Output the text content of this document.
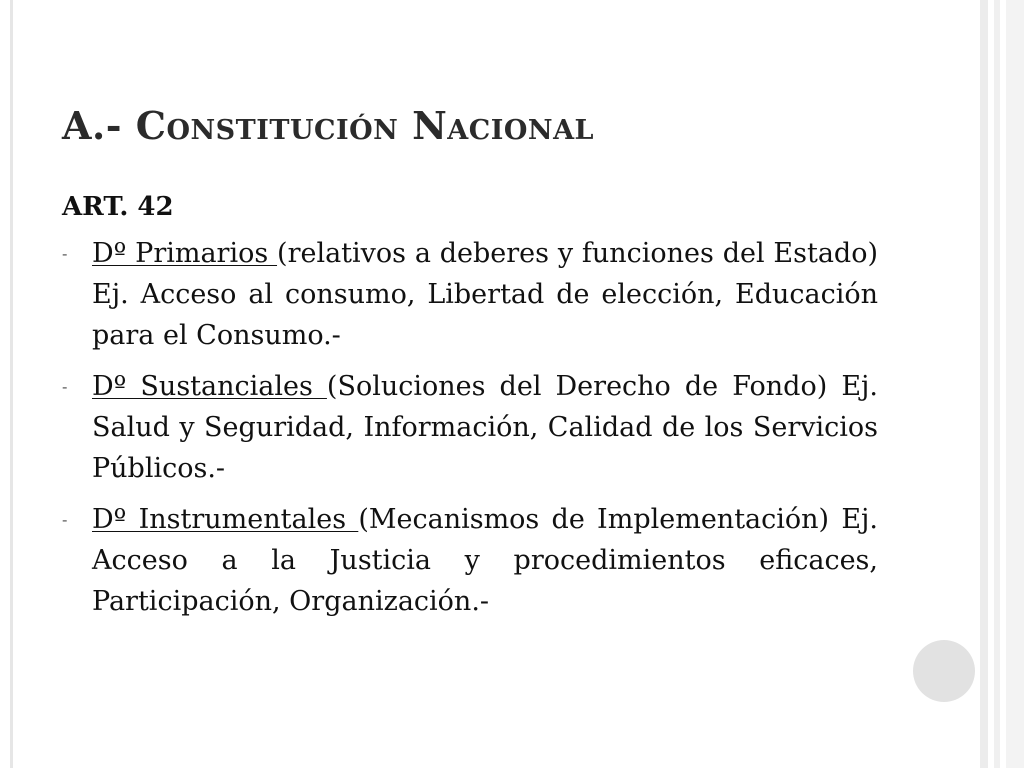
A.- Constitución Nacional
ART. 42
- Dº Primarios (relativos a deberes y funciones del Estado) Ej. Acceso al consumo, Libertad de elección, Educación para el Consumo.-
- Dº Sustanciales (Soluciones del Derecho de Fondo) Ej. Salud y Seguridad, Información, Calidad de los Servicios Públicos.-
- Dº Instrumentales (Mecanismos de Implementación) Ej. Acceso a la Justicia y procedimientos eficaces, Participación, Organización.-
